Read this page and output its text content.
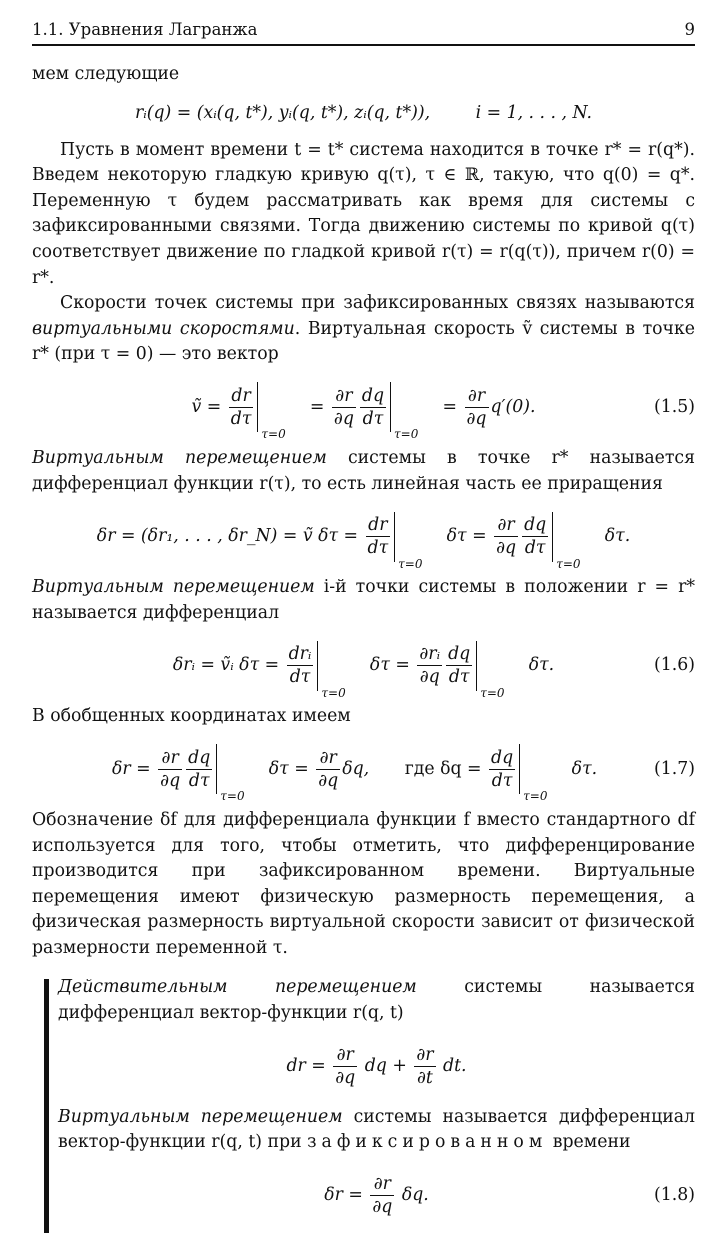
1.1. Уравнения Лагранжа	9

мем следующие

rᵢ(q) = (xᵢ(q, t*), yᵢ(q, t*), zᵢ(q, t*)),	i = 1, . . . , N.

Пусть в момент времени t = t* система находится в точке r* = r(q*). Введем некоторую гладкую кривую q(τ), τ ∈ ℝ, такую, что q(0) = q*. Переменную τ будем рассматривать как время для системы с зафиксированными связями. Тогда движению системы по кривой q(τ) соответствует движение по гладкой кривой r(τ) = r(q(τ)), причем r(0) = r*.

Скорости точек системы при зафиксированных связях называются виртуальными скоростями. Виртуальная скорость ṽ системы в точке r* (при τ = 0) — это вектор

ṽ = $\frac{dr}{d\tau}$
τ=0
= $\frac{\partial r}{\partial q} \frac{dq}{d\tau}$
τ=0
= $\frac{\partial r}{\partial q} q'(0)$.	(1.5)

Виртуальным перемещением системы в точке r* называется дифференциал функции r(τ), то есть линейная часть ее приращения

δr = (δr₁, . . . , δr_N) = ṽ $\delta\tau = \frac{dr}{d\tau}$
τ=0
$\delta\tau = \frac{\partial r}{\partial q} \frac{dq}{d\tau}$
τ=0
δτ.

Виртуальным перемещением i-й точки системы в положении r = r* называется дифференциал

δrᵢ = ṽᵢ δτ =
drᵢ
dτ
τ=0
$\delta\tau = \frac{\text{∂rᵢ}}{\partial q} \frac{dq}{d\tau}$
τ=0
δτ.	(1.6)

В обобщенных координатах имеем

$\delta r = \frac{\partial r}{\partial q} \frac{dq}{d\tau}$
τ=0
$\delta\tau = \frac{\partial r}{\partial q} \delta q$, где $\delta q = \frac{dq}{d\tau}$
τ=0
δτ.	(1.7)

Обозначение δf для дифференциала функции f вместо стандартного df используется для того, чтобы отметить, что дифференцирование производится при зафиксированном времени. Виртуальные перемещения имеют физическую размерность перемещения, а физическая размерность виртуальной скорости зависит от физической размерности переменной τ.

Действительным перемещением системы называется дифференциал вектор-функции r(q, t)

dr = $\frac{\partial r}{\partial q}$ dq + $\frac{\partial r}{\partial t}$ dt.

Виртуальным перемещением системы называется дифференциал вектор-функции r(q, t) при зафиксированном времени

$\delta r = \frac{\partial r}{\partial q} \delta q$.	(1.8)
